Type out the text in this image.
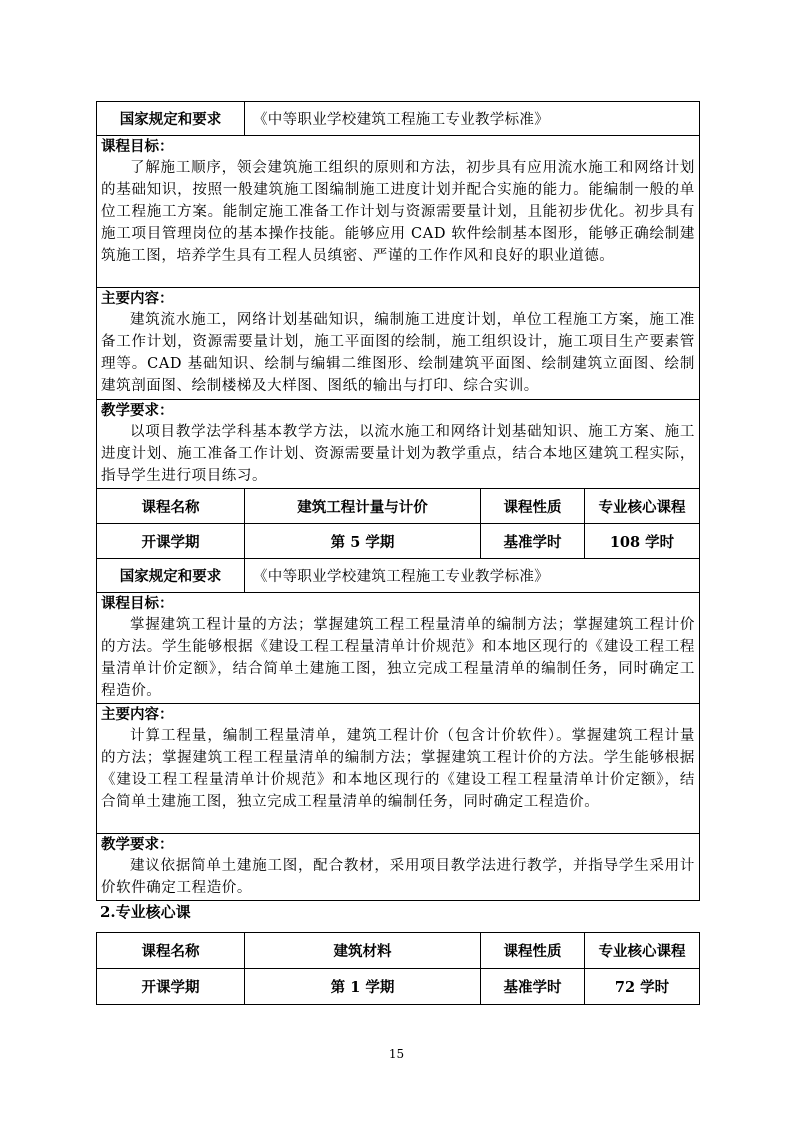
国家规定和要求	《中等职业学校建筑工程施工专业教学标准》		

课程目标：
了解施工顺序，领会建筑施工组织的原则和方法，初步具有应用流水施工和网络计划的基础知识，按照一般建筑施工图编制施工进度计划并配合实施的能力。能编制一般的单位工程施工方案。能制定施工准备工作计划与资源需要量计划，且能初步优化。初步具有施工项目管理岗位的基本操作技能。能够应用 CAD 软件绘制基本图形，能够正确绘制建筑施工图，培养学生具有工程人员缜密、严谨的工作作风和良好的职业道德。			

主要内容：
建筑流水施工，网络计划基础知识，编制施工进度计划，单位工程施工方案，施工准备工作计划，资源需要量计划，施工平面图的绘制，施工组织设计，施工项目生产要素管理等。CAD 基础知识、绘制与编辑二维图形、绘制建筑平面图、绘制建筑立面图、绘制建筑剖面图、绘制楼梯及大样图、图纸的输出与打印、综合实训。			

教学要求：
以项目教学法学科基本教学方法，以流水施工和网络计划基础知识、施工方案、施工进度计划、施工准备工作计划、资源需要量计划为教学重点，结合本地区建筑工程实际，指导学生进行项目练习。			

课程名称	建筑工程计量与计价	课程性质	专业核心课程
开课学期	第 5 学期	基准学时	108 学时
国家规定和要求	《中等职业学校建筑工程施工专业教学标准》		

课程目标：
掌握建筑工程计量的方法；掌握建筑工程工程量清单的编制方法；掌握建筑工程计价的方法。学生能够根据《建设工程工程量清单计价规范》和本地区现行的《建设工程工程量清单计价定额》，结合简单土建施工图，独立完成工程量清单的编制任务，同时确定工程造价。			

主要内容：
计算工程量，编制工程量清单，建筑工程计价（包含计价软件）。掌握建筑工程计量的方法；掌握建筑工程工程量清单的编制方法；掌握建筑工程计价的方法。学生能够根据《建设工程工程量清单计价规范》和本地区现行的《建设工程工程量清单计价定额》，结合简单土建施工图，独立完成工程量清单的编制任务，同时确定工程造价。			

教学要求：
建议依据简单土建施工图，配合教材，采用项目教学法进行教学，并指导学生采用计价软件确定工程造价。			
2.专业核心课
课程名称	建筑材料	课程性质	专业核心课程
开课学期	第 1 学期	基准学时	72 学时
15
